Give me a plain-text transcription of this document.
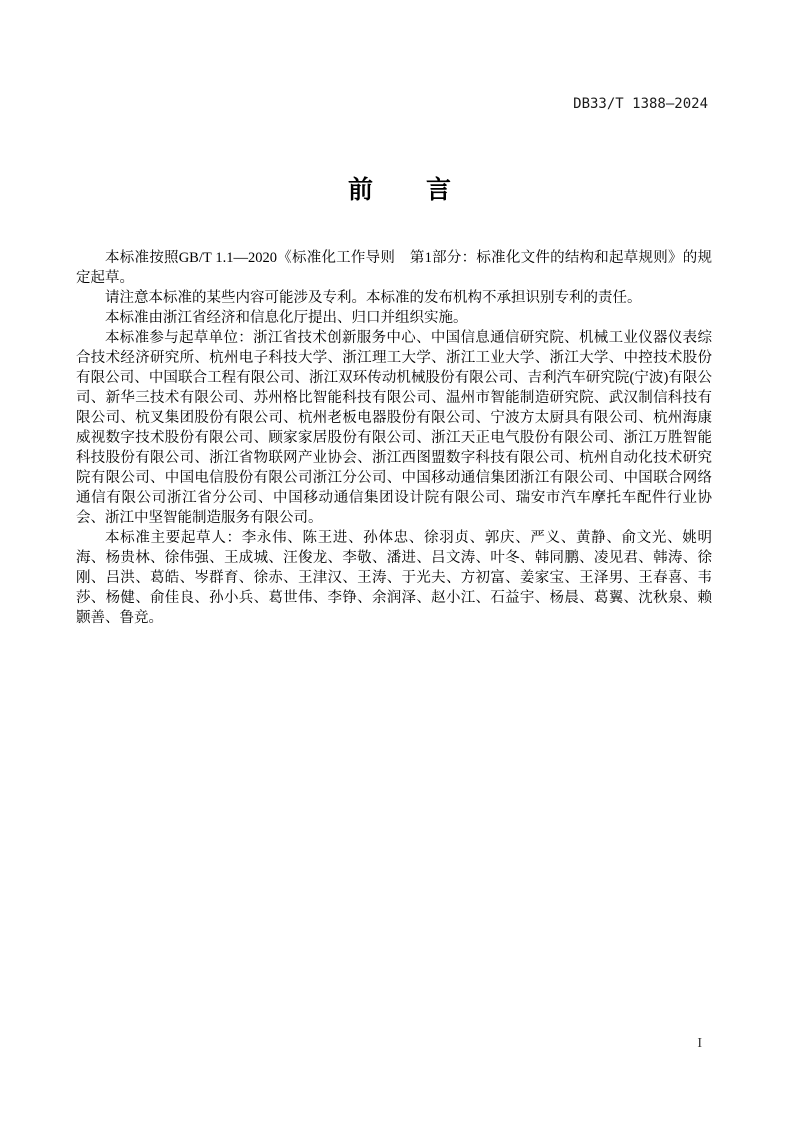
DB33/T 1388—2024
前　　言

本标准按照GB/T 1.1—2020《标准化工作导则　第1部分：标准化文件的结构和起草规则》的规定起草。

请注意本标准的某些内容可能涉及专利。本标准的发布机构不承担识别专利的责任。

本标准由浙江省经济和信息化厅提出、归口并组织实施。

本标准参与起草单位：浙江省技术创新服务中心、中国信息通信研究院、机械工业仪器仪表综合技术经济研究所、杭州电子科技大学、浙江理工大学、浙江工业大学、浙江大学、中控技术股份有限公司、中国联合工程有限公司、浙江双环传动机械股份有限公司、吉利汽车研究院(宁波)有限公司、新华三技术有限公司、苏州格比智能科技有限公司、温州市智能制造研究院、武汉制信科技有限公司、杭叉集团股份有限公司、杭州老板电器股份有限公司、宁波方太厨具有限公司、杭州海康威视数字技术股份有限公司、顾家家居股份有限公司、浙江天正电气股份有限公司、浙江万胜智能科技股份有限公司、浙江省物联网产业协会、浙江西图盟数字科技有限公司、杭州自动化技术研究院有限公司、中国电信股份有限公司浙江分公司、中国移动通信集团浙江有限公司、中国联合网络通信有限公司浙江省分公司、中国移动通信集团设计院有限公司、瑞安市汽车摩托车配件行业协会、浙江中坚智能制造服务有限公司。

本标准主要起草人：李永伟、陈王进、孙体忠、徐羽贞、郭庆、严义、黄静、俞文光、姚明海、杨贵林、徐伟强、王成城、汪俊龙、李敬、潘进、吕文涛、叶冬、韩同鹏、凌见君、韩涛、徐刚、吕洪、葛皓、岑群育、徐赤、王津汉、王涛、于光夫、方初富、姜家宝、王泽男、王春喜、韦莎、杨健、俞佳良、孙小兵、葛世伟、李铮、余润泽、赵小江、石益宇、杨晨、葛翼、沈秋泉、赖颢善、鲁竞。

I
